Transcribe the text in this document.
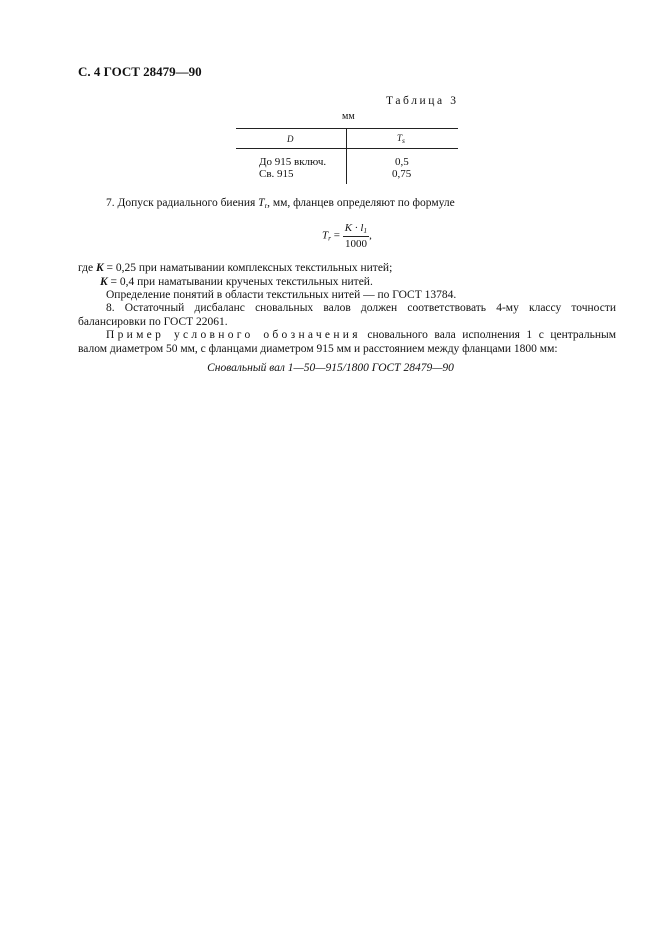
С. 4 ГОСТ 28479—90
Таблица 3
мм
D	$T_s$
До 915 включ.	0,5
Св. 915	0,75
7. Допуск радиального биения $T_r$, мм, фланцев определяют по формуле
$T_r = \frac{K \cdot l_1}{1000}$ ,
где K = 0,25 при наматывании комплексных текстильных нитей;
K = 0,4 при наматывании крученых текстильных нитей.
Определение понятий в области текстильных нитей — по ГОСТ 13784.
8. Остаточный дисбаланс сновальных валов должен соответствовать 4-му классу точности балансировки по ГОСТ 22061.
Пример условного обозначения сновального вала исполнения 1 с центральным валом диаметром 50 мм, с фланцами диаметром 915 мм и расстоянием между фланцами 1800 мм:
Сновальный вал 1—50—915/1800 ГОСТ 28479—90
